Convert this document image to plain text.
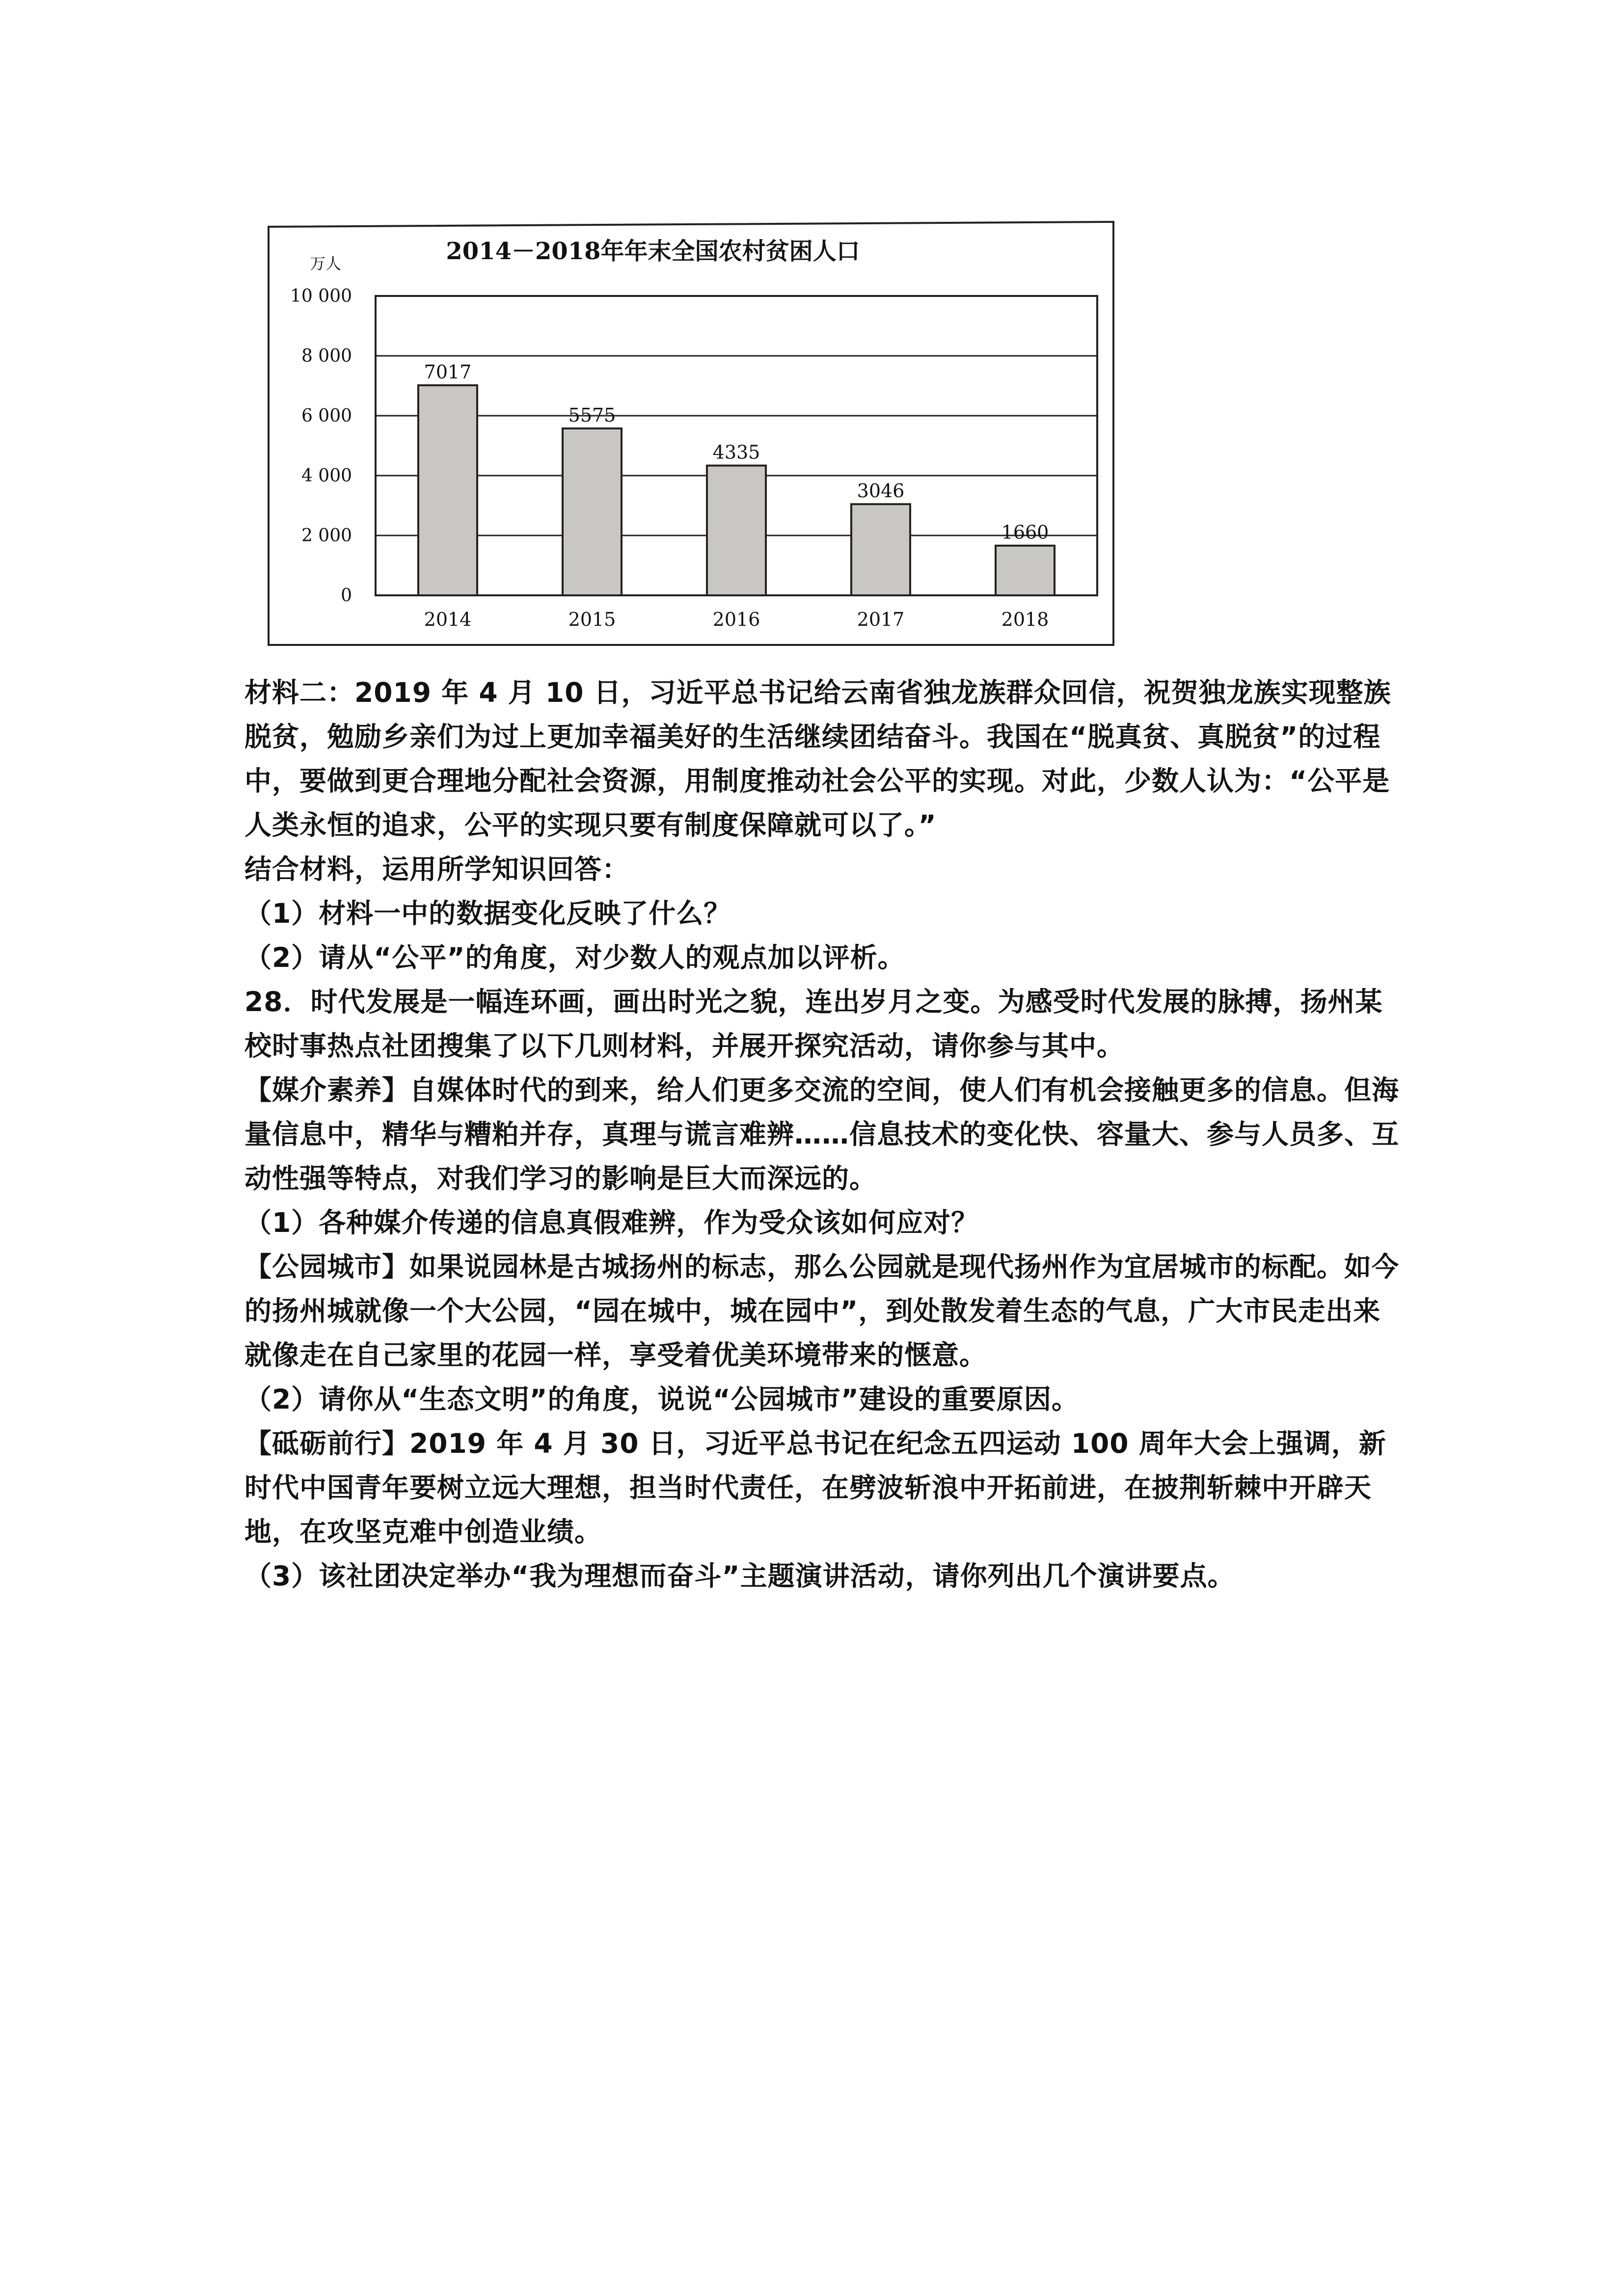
2014－2018年年末全国农村贫困人口
万人
0
2 000
4 000
6 000
8 000
10 000
7017
2014
5575
2015
4335
2016
3046
2017
1660
2018

材料二：2019 年 4 月 10 日，习近平总书记给云南省独龙族群众回信，祝贺独龙族实现整族脱贫，勉励乡亲们为过上更加幸福美好的生活继续团结奋斗。我国在“脱真贫、真脱贫”的过程中，要做到更合理地分配社会资源，用制度推动社会公平的实现。对此，少数人认为：“公平是人类永恒的追求，公平的实现只要有制度保障就可以了。”

结合材料，运用所学知识回答：

（1）材料一中的数据变化反映了什么？

（2）请从“公平”的角度，对少数人的观点加以评析。

28．时代发展是一幅连环画，画出时光之貌，连出岁月之变。为感受时代发展的脉搏，扬州某校时事热点社团搜集了以下几则材料，并展开探究活动，请你参与其中。

【媒介素养】自媒体时代的到来，给人们更多交流的空间，使人们有机会接触更多的信息。但海量信息中，精华与糟粕并存，真理与谎言难辨……信息技术的变化快、容量大、参与人员多、互动性强等特点，对我们学习的影响是巨大而深远的。

（1）各种媒介传递的信息真假难辨，作为受众该如何应对？

【公园城市】如果说园林是古城扬州的标志，那么公园就是现代扬州作为宜居城市的标配。如今的扬州城就像一个大公园，“园在城中，城在园中”，到处散发着生态的气息，广大市民走出来就像走在自己家里的花园一样，享受着优美环境带来的惬意。

（2）请你从“生态文明”的角度，说说“公园城市”建设的重要原因。

【砥砺前行】2019 年 4 月 30 日，习近平总书记在纪念五四运动 100 周年大会上强调，新时代中国青年要树立远大理想，担当时代责任，在劈波斩浪中开拓前进，在披荆斩棘中开辟天地，在攻坚克难中创造业绩。

（3）该社团决定举办“我为理想而奋斗”主题演讲活动，请你列出几个演讲要点。
